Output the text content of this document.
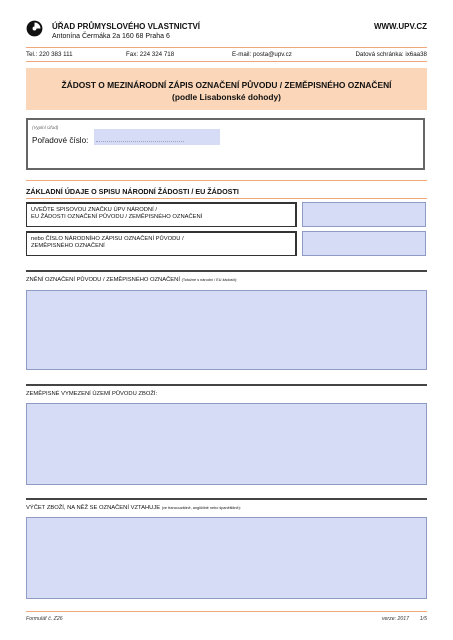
ÚŘAD PRŮMYSLOVÉHO VLASTNICTVÍ
Antonína Čermáka 2a 160 68 Praha 6
WWW.UPV.CZ
Tel.: 220 383 111	Fax: 224 324 718	E-mail: posta@upv.cz	Datová schránka: ix6aa38
ŽÁDOST O MEZINÁRODNÍ ZÁPIS OZNAČENÍ PŮVODU / ZEMĚPISNÉHO OZNAČENÍ
(podle Lisabonské dohody)
(Vyplní Úřad)
Pořadové číslo:
ZÁKLADNÍ ÚDAJE O SPISU NÁRODNÍ ŽÁDOSTI / EU ŽÁDOSTI
UVEĎTE SPISOVOU ZNAČKU ÚPV NÁRODNÍ /
EU ŽÁDOSTI OZNAČENÍ PŮVODU / ZEMĚPISNÉHO OZNAČENÍ
nebo ČÍSLO NÁRODNÍHO ZÁPISU OZNAČENÍ PŮVODU /
ZEMĚPISNÉHO OZNAČENÍ
ZNĚNÍ OZNAČENÍ PŮVODU / ZEMĚPISNÉHO OZNAČENÍ (Totožné s národní / EU žádostí):
ZEMĚPISNÉ VYMEZENÍ ÚZEMÍ PŮVODU ZBOŽÍ:
VÝČET ZBOŽÍ, NA NĚŽ SE OZNAČENÍ VZTAHUJE (ve francouzštině, angličtině nebo španělštině):
Formulář č. Z26	verze: 2017 1/5
